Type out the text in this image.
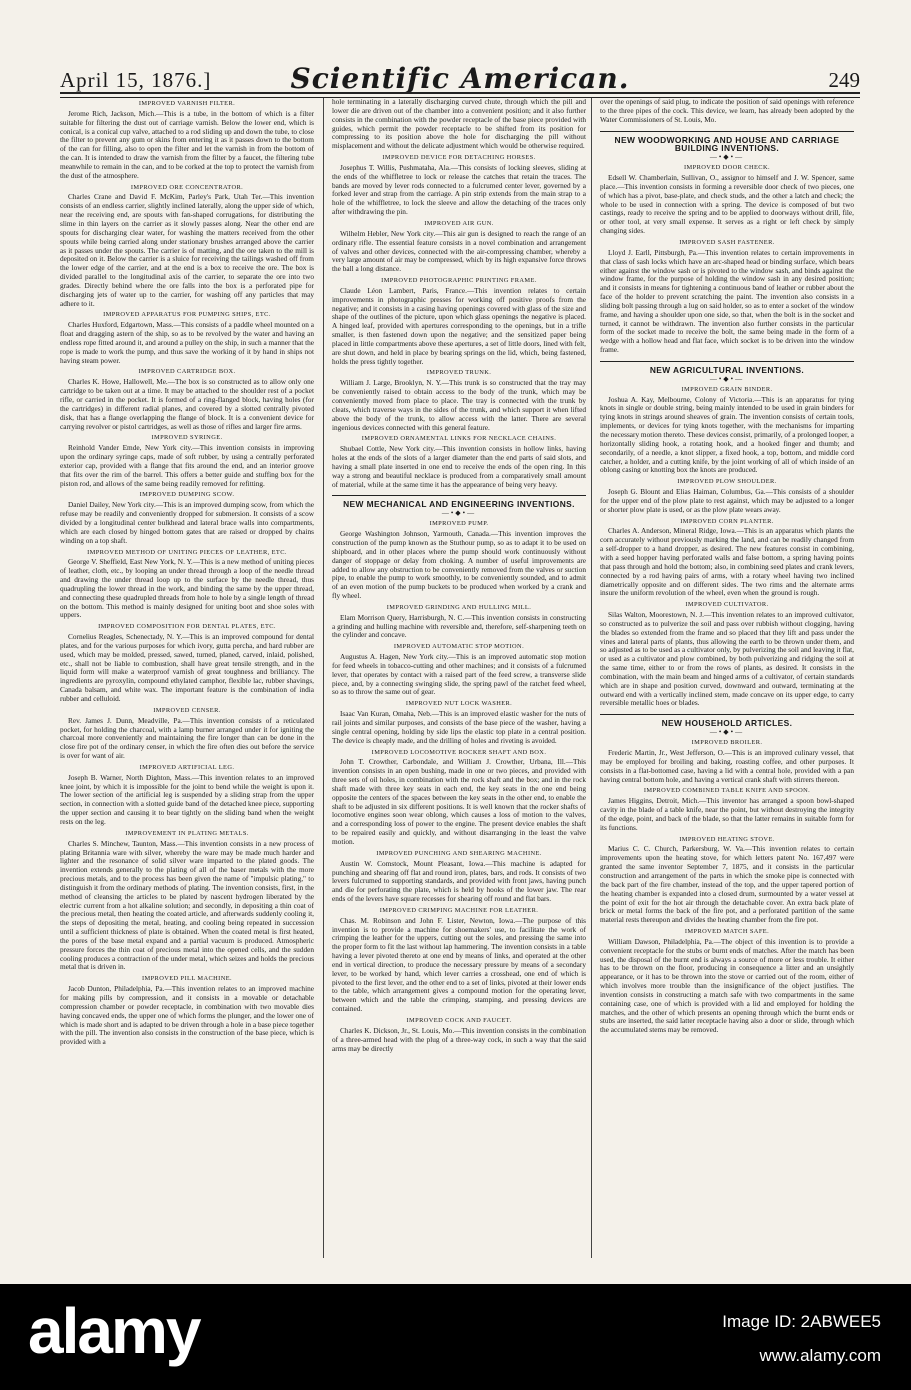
April 15, 1876.]	Scientific American.	249
IMPROVED VARNISH FILTER.

Jerome Rich, Jackson, Mich.—This is a tube, in the bottom of which is a filter suitable for filtering the dust out of carriage varnish. Below the lower end, which is conical, is a conical cup valve, attached to a rod sliding up and down the tube, to close the filter to prevent any gum or skins from entering it as it passes down to the bottom of the can for filling, also to open the filter and let the varnish in from the bottom of the can. It is intended to draw the varnish from the filter by a faucet, the filtering tube meanwhile to remain in the can, and to be corked at the top to protect the varnish from the dust of the atmosphere.

IMPROVED ORE CONCENTRATOR.

Charles Crane and David F. McKim, Parley's Park, Utah Ter.—This invention consists of an endless carrier, slightly inclined laterally, along the upper side of which, near the receiving end, are spouts with fan-shaped corrugations, for distributing the slime in thin layers on the carrier as it slowly passes along. Near the other end are spouts for discharging clear water, for washing the matters received from the other spouts while being carried along under stationary brushes arranged above the carrier as it passes under the spouts. The carrier is of matting, and the ore taken to the mill is deposited on it. Below the carrier is a sluice for receiving the tailings washed off from the lower edge of the carrier, and at the end is a box to receive the ore. The box is divided parallel to the longitudinal axis of the carrier, to separate the ore into two grades. Directly behind where the ore falls into the box is a perforated pipe for discharging jets of water up to the carrier, for washing off any particles that may adhere to it.

IMPROVED APPARATUS FOR PUMPING SHIPS, ETC.

Charles Huxford, Edgartown, Mass.—This consists of a paddle wheel mounted on a float and dragging astern of the ship, so as to be revolved by the water and having an endless rope fitted around it, and around a pulley on the ship, in such a manner that the rope is made to work the pump, and thus save the working of it by hand in ships not having steam power.

IMPROVED CARTRIDGE BOX.

Charles K. Howe, Hallowell, Me.—The box is so constructed as to allow only one cartridge to be taken out at a time. It may be attached to the shoulder rest of a pocket rifle, or carried in the pocket. It is formed of a ring-flanged block, having holes (for the cartridges) in different radial planes, and covered by a slotted centrally pivoted disk, that has a flange overlapping the flange of block. It is a convenient device for carrying revolver or pistol cartridges, as well as those of rifles and larger fire arms.

IMPROVED SYRINGE.

Reinhold Vander Emde, New York city.—This invention consists in improving upon the ordinary syringe caps, made of soft rubber, by using a centrally perforated exterior cap, provided with a flange that fits around the end, and an interior groove that fits over the rim of the barrel. This offers a better guide and stuffing box for the piston rod, and allows of the same being readily removed for refitting.

IMPROVED DUMPING SCOW.

Daniel Dailey, New York city.—This is an improved dumping scow, from which the refuse may be readily and conveniently dropped for submersion. It consists of a scow divided by a longitudinal center bulkhead and lateral brace walls into compartments, which are each closed by hinged bottom gates that are raised or dropped by chains winding on a top shaft.

IMPROVED METHOD OF UNITING PIECES OF LEATHER, ETC.

George V. Sheffield, East New York, N. Y.—This is a new method of uniting pieces of leather, cloth, etc., by looping an under thread through a loop of the needle thread and drawing the under thread loop up to the surface by the needle thread, thus quadrupling the lower thread in the work, and binding the same by the upper thread, and connecting these quadrupled threads from hole to hole by a single length of thread on the bottom. This method is mainly designed for uniting boot and shoe soles with uppers.

IMPROVED COMPOSITION FOR DENTAL PLATES, ETC.

Cornelius Reagles, Schenectady, N. Y.—This is an improved compound for dental plates, and for the various purposes for which ivory, gutta percha, and hard rubber are used, which may be molded, pressed, sawed, turned, planed, carved, inlaid, polished, etc., shall not be liable to combustion, shall have great tensile strength, and in the liquid form will make a waterproof varnish of great toughness and brilliancy. The ingredients are pyroxylin, compound ethylated camphor, flexible lac, rubber shavings, Canada balsam, and white wax. The important feature is the combination of india rubber and celluloid.

IMPROVED CENSER.

Rev. James J. Dunn, Meadville, Pa.—This invention consists of a reticulated pocket, for holding the charcoal, with a lamp burner arranged under it for igniting the charcoal more conveniently and maintaining the fire longer than can be done in the close fire pot of the ordinary censer, in which the fire often dies out before the service is over for want of air.

IMPROVED ARTIFICIAL LEG.

Joseph B. Warner, North Dighton, Mass.—This invention relates to an improved knee joint, by which it is impossible for the joint to bend while the weight is upon it. The lower section of the artificial leg is suspended by a sliding strap from the upper section, in connection with a slotted guide band of the detached knee piece, supporting the upper section and causing it to bear tightly on the sliding band when the weight rests on the leg.

IMPROVEMENT IN PLATING METALS.

Charles S. Minchew, Taunton, Mass.—This invention consists in a new process of plating Britannia ware with silver, whereby the ware may be made much harder and lighter and the resonance of solid silver ware imparted to the plated goods. The invention extends generally to the plating of all of the baser metals with the more precious metals, and to the process has been given the name of "impulsic plating," to distinguish it from the ordinary methods of plating. The invention consists, first, in the method of cleansing the articles to be plated by nascent hydrogen liberated by the electric current from a hot alkaline solution; and secondly, in depositing a thin coat of the precious metal, then heating the coated article, and afterwards suddenly cooling it, the steps of depositing the metal, heating, and cooling being repeated in succession until a sufficient thickness of plate is obtained. When the coated metal is first heated, the pores of the base metal expand and a partial vacuum is produced. Atmospheric pressure forces the thin coat of precious metal into the opened cells, and the sudden cooling produces a contraction of the under metal, which seizes and holds the precious metal that is driven in.

IMPROVED PILL MACHINE.

Jacob Dunton, Philadelphia, Pa.—This invention relates to an improved machine for making pills by compression, and it consists in a movable or detachable compression chamber or powder receptacle, in combination with two movable dies having concaved ends, the upper one of which forms the plunger, and the lower one of which is made short and is adapted to be driven through a hole in a base piece together with the pill. The invention also consists in the construction of the base piece, which is provided with a

hole terminating in a laterally discharging curved chute, through which the pill and lower die are driven out of the chamber into a convenient position; and it also further consists in the combination with the powder receptacle of the base piece provided with guides, which permit the powder receptacle to be shifted from its position for compressing to its position above the hole for discharging the pill without misplacement and without the delicate adjustment which would be otherwise required.

IMPROVED DEVICE FOR DETACHING HORSES.

Josephus T. Willis, Pushmataha, Ala.—This consists of locking sleeves, sliding at the ends of the whiffletree to lock or release the catches that retain the traces. The bands are moved by lever rods connected to a fulcrumed center lever, governed by a forked lever and strap from the carriage. A pin strip extends from the main strap to a hole of the whiffletree, to lock the sleeve and allow the detaching of the traces only after withdrawing the pin.

IMPROVED AIR GUN.

Wilhelm Hebler, New York city.—This air gun is designed to reach the range of an ordinary rifle. The essential feature consists in a novel combination and arrangement of valves and other devices, connected with the air-compressing chamber, whereby a very large amount of air may be compressed, which by its high expansive force throws the ball a long distance.

IMPROVED PHOTOGRAPHIC PRINTING FRAME.

Claude Léon Lambert, Paris, France.—This invention relates to certain improvements in photographic presses for working off positive proofs from the negative; and it consists in a casing having openings covered with glass of the size and shape of the outlines of the picture, upon which glass openings the negative is placed. A hinged leaf, provided with apertures corresponding to the openings, but in a trifle smaller, is then fastened down upon the negative; and the sensitized paper being placed in little compartments above these apertures, a set of little doors, lined with felt, are shut down, and held in place by bearing springs on the lid, which, being fastened, holds the press tightly together.

IMPROVED TRUNK.

William J. Large, Brooklyn, N. Y.—This trunk is so constructed that the tray may be conveniently raised to obtain access to the body of the trunk, which may be conveniently moved from place to place. The tray is connected with the trunk by cleats, which traverse ways in the sides of the trunk, and which support it when lifted above the body of the trunk, to allow access with the latter. There are several ingenious devices connected with this general feature.

IMPROVED ORNAMENTAL LINKS FOR NECKLACE CHAINS.

Shubael Cottle, New York city.—This invention consists in hollow links, having holes at the ends of the slots of a larger diameter than the end parts of said slots, and having a small plate inserted in one end to receive the ends of the open ring. In this way a strong and beautiful necklace is produced from a comparatively small amount of material, while at the same time it has the appearance of being very heavy.

NEW MECHANICAL AND ENGINEERING INVENTIONS.
—•◆•—
IMPROVED PUMP.

George Washington Johnson, Yarmouth, Canada.—This invention improves the construction of the pump known as the Stuthour pump, so as to adapt it to be used on shipboard, and in other places where the pump should work continuously without danger of stoppage or delay from choking. A number of useful improvements are added to allow any obstruction to be conveniently removed from the valves or suction pipe, to enable the pump to work smoothly, to be conveniently sounded, and to admit of an even motion of the pump buckets to be produced when worked by a crank and fly wheel.

IMPROVED GRINDING AND HULLING MILL.

Elam Morrison Query, Harrisburgh, N. C.—This invention consists in constructing a grinding and hulling machine with reversible and, therefore, self-sharpening teeth on the cylinder and concave.

IMPROVED AUTOMATIC STOP MOTION.

Augustus A. Hagen, New York city.—This is an improved automatic stop motion for feed wheels in tobacco-cutting and other machines; and it consists of a fulcrumed lever, that operates by contact with a raised part of the feed screw, a transverse slide piece, and, by a connecting swinging slide, the spring pawl of the ratchet feed wheel, so as to throw the same out of gear.

IMPROVED NUT LOCK WASHER.

Isaac Van Kuran, Omaha, Neb.—This is an improved elastic washer for the nuts of rail joints and similar purposes, and consists of the base piece of the washer, having a single central opening, holding by side lips the elastic top plate in a central position. The device is cheaply made, and the drilling of holes and riveting is avoided.

IMPROVED LOCOMOTIVE ROCKER SHAFT AND BOX.

John T. Crowther, Carbondale, and William J. Crowther, Urbana, Ill.—This invention consists in an open bushing, made in one or two pieces, and provided with three sets of oil holes, in combination with the rock shaft and the box; and in the rock shaft made with three key seats in each end, the key seats in the one end being opposite the centers of the spaces between the key seats in the other end, to enable the shaft to be adjusted in six different positions. It is well known that the rocker shafts of locomotive engines soon wear oblong, which causes a loss of motion to the valves, and a corresponding loss of power to the engine. The present device enables the shaft to be repaired easily and quickly, and without disarranging in the least the valve motion.

IMPROVED PUNCHING AND SHEARING MACHINE.

Austin W. Comstock, Mount Pleasant, Iowa.—This machine is adapted for punching and shearing off flat and round iron, plates, bars, and rods. It consists of two levers fulcrumed to supporting standards, and provided with front jaws, having punch and die for perforating the plate, which is held by hooks of the lower jaw. The rear ends of the levers have square recesses for shearing off round and flat bars.

IMPROVED CRIMPING MACHINE FOR LEATHER.

Chas. M. Robinson and John F. Lister, Newton, Iowa.—The purpose of this invention is to provide a machine for shoemakers' use, to facilitate the work of crimping the leather for the uppers, cutting out the soles, and pressing the same into the proper form to fit the last without lap hammering. The invention consists in a table having a lever pivoted thereto at one end by means of links, and operated at the other end in vertical direction, to produce the necessary pressure by means of a secondary lever, to be worked by hand, which lever carries a crosshead, one end of which is pivoted to the first lever, and the other end to a set of links, pivoted at their lower ends to the table, which arrangement gives a compound motion for the operating lever, between which and the table the crimping, stamping, and pressing devices are contained.

IMPROVED COCK AND FAUCET.

Charles K. Dickson, Jr., St. Louis, Mo.—This invention consists in the combination of a three-armed head with the plug of a three-way cock, in such a way that the said arms may be directly

over the openings of said plug, to indicate the position of said openings with reference to the three pipes of the cock. This device, we learn, has already been adopted by the Water Commissioners of St. Louis, Mo.

NEW WOODWORKING AND HOUSE AND CARRIAGE BUILDING INVENTIONS.
—•◆•—
IMPROVED DOOR CHECK.

Edsell W. Chamberlain, Sullivan, O., assignor to himself and J. W. Spencer, same place.—This invention consists in forming a reversible door check of two pieces, one of which has a pivot, base-plate, and check studs, and the other a latch and check; the whole to be used in connection with a spring. The device is composed of but two castings, ready to receive the spring and to be applied to doorways without drill, file, or other tool, at very small expense. It serves as a right or left check by simply changing sides.

IMPROVED SASH FASTENER.

Lloyd J. Earll, Pittsburgh, Pa.—This invention relates to certain improvements in that class of sash locks which have an arc-shaped head or binding surface, which bears either against the window sash or is pivoted to the window sash, and binds against the window frame, for the purpose of holding the window sash in any desired position; and it consists in means for tightening a continuous band of leather or rubber about the face of the holder to prevent scratching the paint. The invention also consists in a sliding bolt passing through a lug on said holder, so as to enter a socket of the window frame, and having a shoulder upon one side, so that, when the bolt is in the socket and turned, it cannot be withdrawn. The invention also further consists in the particular form of the socket made to receive the bolt, the same being made in the form of a wedge with a hollow head and flat face, which socket is to be driven into the window frame.

NEW AGRICULTURAL INVENTIONS.
—•◆•—
IMPROVED GRAIN BINDER.

Joshua A. Kay, Melbourne, Colony of Victoria.—This is an apparatus for tying knots in single or double string, being mainly intended to be used in grain binders for tying knots in strings around sheaves of grain. The invention consists of certain tools, implements, or devices for tying knots together, with the mechanisms for imparting the necessary motion thereto. These devices consist, primarily, of a prolonged looper, a horizontally sliding hook, a rotating hook, and a hooked finger and thumb; and secondarily, of a needle, a knot slipper, a fixed hook, a top, bottom, and middle cord catcher, a holder, and a cutting knife, by the joint working of all of which inside of an oblong casing or knotting box the knots are produced.

IMPROVED PLOW SHOULDER.

Joseph G. Blount and Elias Haiman, Columbus, Ga.—This consists of a shoulder for the upper end of the plow plate to rest against, which may be adjusted to a longer or shorter plow plate is used, or as the plow plate wears away.

IMPROVED CORN PLANTER.

Charles A. Anderson, Mineral Ridge, Iowa.—This is an apparatus which plants the corn accurately without previously marking the land, and can be readily changed from a self-dropper to a hand dropper, as desired. The new features consist in combining, with a seed hopper having perforated walls and false bottom, a spring having points that pass through and hold the bottom; also, in combining seed plates and crank levers, connected by a rod having pairs of arms, with a rotary wheel having two inclined diametrically opposite and on different sides. The two rims and the alternate arms insure the uniform revolution of the wheel, even when the ground is rough.

IMPROVED CULTIVATOR.

Silas Walton, Moorestown, N. J.—This invention relates to an improved cultivator, so constructed as to pulverize the soil and pass over rubbish without clogging, having the blades so extended from the frame and so placed that they lift and pass under the vines and lateral parts of plants, thus allowing the earth to be thrown under them, and so adjusted as to be used as a cultivator only, by pulverizing the soil and leaving it flat, or used as a cultivator and plow combined, by both pulverizing and ridging the soil at the same time, either to or from the rows of plants, as desired. It consists in the combination, with the main beam and hinged arms of a cultivator, of certain standards which are in shape and position curved, downward and outward, terminating at the outward end with a vertically inclined stem, made concave on its upper edge, to carry reversible metallic hoes or blades.

NEW HOUSEHOLD ARTICLES.
—•◆•—
IMPROVED BROILER.

Frederic Martin, Jr., West Jefferson, O.—This is an improved culinary vessel, that may be employed for broiling and baking, roasting coffee, and other purposes. It consists in a flat-bottomed case, having a lid with a central hole, provided with a pan having central bottom hole, and having a vertical crank shaft with stirrers thereon.

IMPROVED COMBINED TABLE KNIFE AND SPOON.

James Higgins, Detroit, Mich.—This inventor has arranged a spoon bowl-shaped cavity in the blade of a table knife, near the point, but without destroying the integrity of the edge, point, and back of the blade, so that the latter remains in suitable form for its functions.

IMPROVED HEATING STOVE.

Marius C. C. Church, Parkersburg, W. Va.—This invention relates to certain improvements upon the heating stove, for which letters patent No. 167,497 were granted the same inventor September 7, 1875, and it consists in the particular construction and arrangement of the parts in which the smoke pipe is connected with the back part of the fire chamber, instead of the top, and the upper tapered portion of the heating chamber is expanded into a closed drum, surmounted by a water vessel at the point of exit for the hot air through the detachable cover. An extra back plate of brick or metal forms the back of the fire pot, and a perforated partition of the same material rests thereupon and divides the heating chamber from the fire pot.

IMPROVED MATCH SAFE.

William Dawson, Philadelphia, Pa.—The object of this invention is to provide a convenient receptacle for the stubs or burnt ends of matches. After the match has been used, the disposal of the burnt end is always a source of more or less trouble. It either has to be thrown on the floor, producing in consequence a litter and an unsightly appearance, or it has to be thrown into the stove or carried out of the room, either of which involves more trouble than the insignificance of the object justifies. The invention consists in constructing a match safe with two compartments in the same containing case, one of which is provided with a lid and employed for holding the matches, and the other of which presents an opening through which the burnt ends or stubs are inserted, the said latter receptacle having also a door or slide, through which the accumulated stems may be removed.

alamy	Image ID: 2ABWEE5
www.alamy.com
